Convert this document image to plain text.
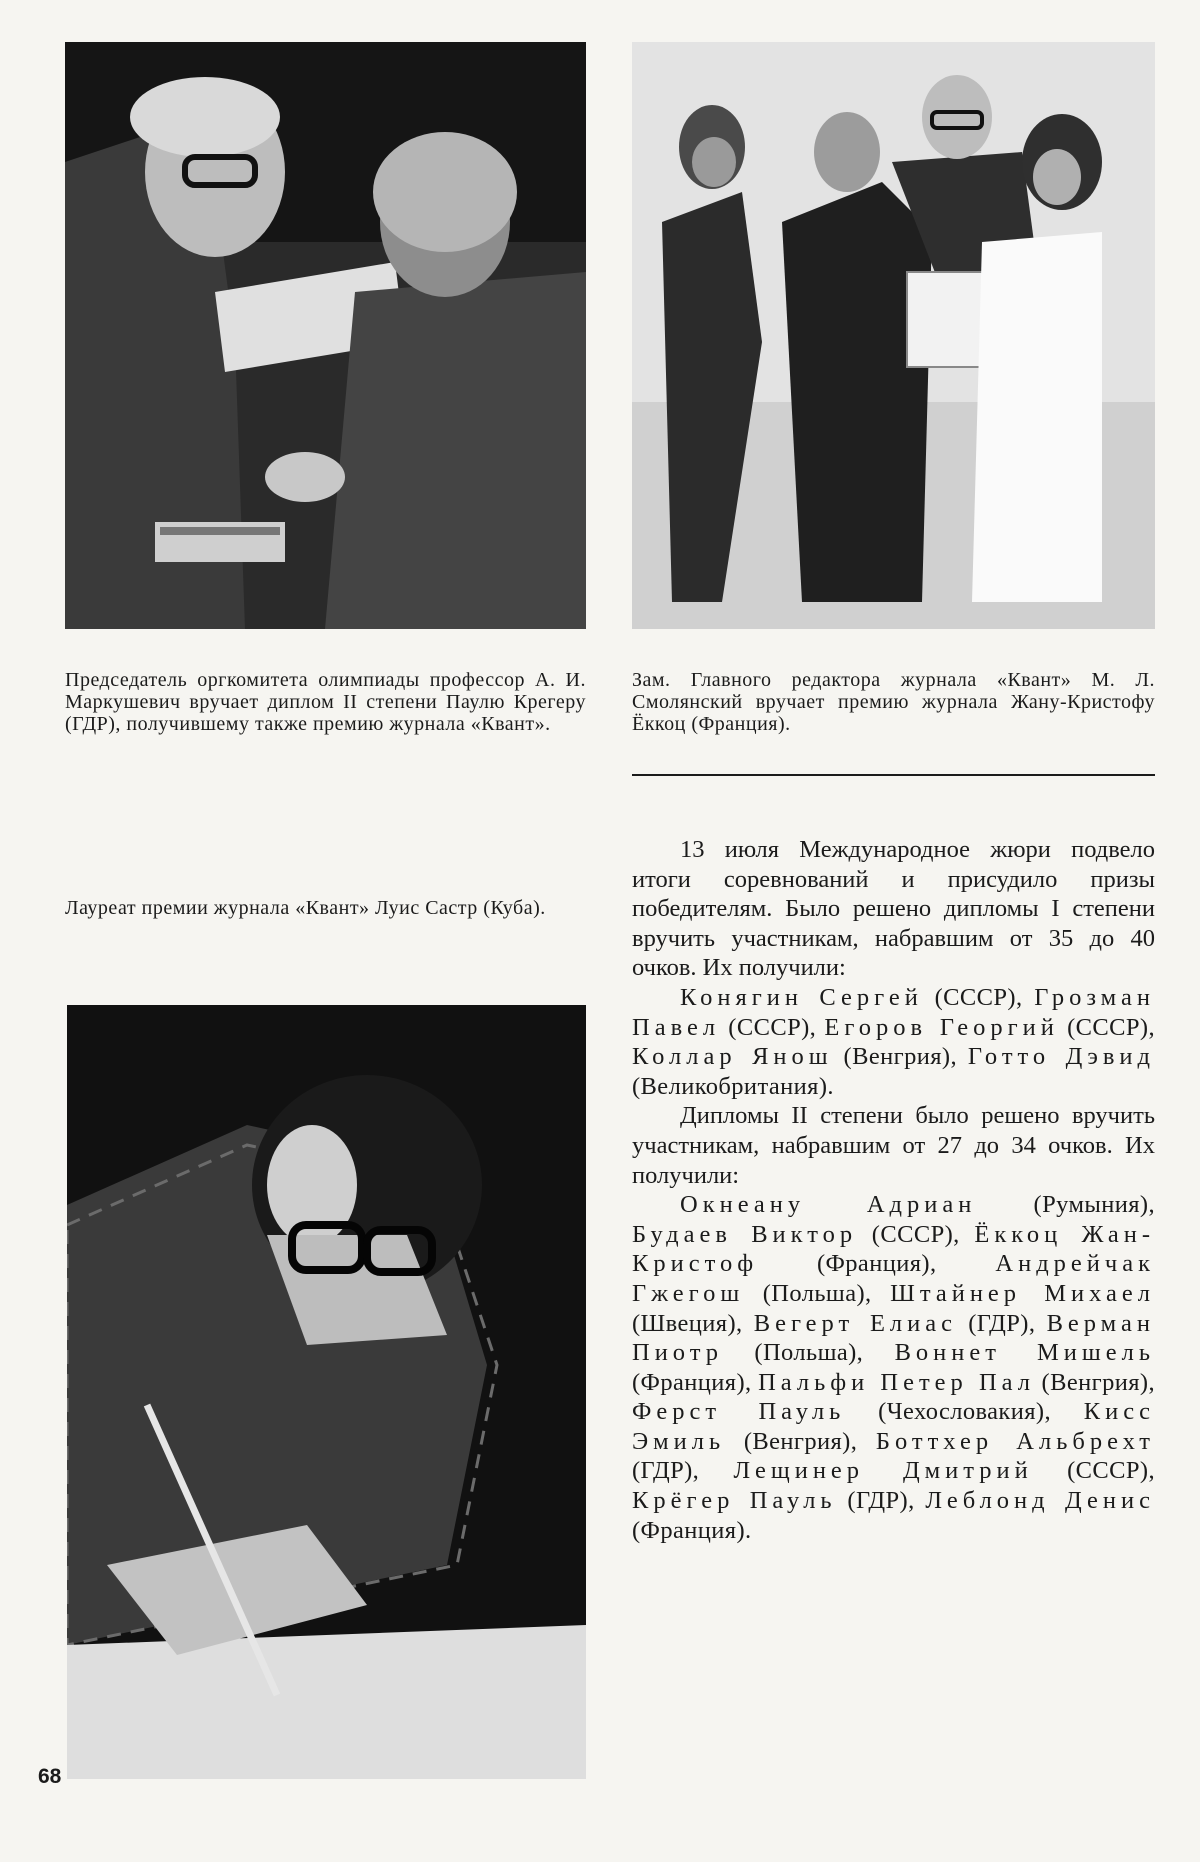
Председатель оргкомитета олимпиады профессор А. И. Маркушевич вручает диплом II степени Паулю Крегеру (ГДР), получившему также премию журнала «Квант».
Зам. Главного редактора журнала «Квант» М. Л. Смолянский вручает премию журнала Жану-Кристофу Ёккоц (Франция).
Лауреат премии журнала «Квант» Луис Састр (Куба).

13 июля Международное жюри подвело итоги соревнований и присудило призы победителям. Было решено дипломы I степени вручить участникам, набравшим от 35 до 40 очков. Их получили:

Конягин Сергей (СССР), Грозман Павел (СССР), Егоров Георгий (СССР), Коллар Янош (Венгрия), Готто Дэвид (Великобритания).

Дипломы II степени было решено вручить участникам, набравшим от 27 до 34 очков. Их получили:

Окнеану Адриан (Румыния), Будаев Виктор (СССР), Ёккоц Жан-Кристоф (Франция), Андрейчак Гжегош (Польша), Штайнер Михаел (Швеция), Вегерт Елиас (ГДР), Верман Пиотр (Польша), Воннет Мишель (Франция), Пальфи Петер Пал (Венгрия), Ферст Пауль (Чехословакия), Кисс Эмиль (Венгрия), Боттхер Альбрехт (ГДР), Лещинер Дмитрий (СССР), Крёгер Пауль (ГДР), Леблонд Денис (Франция).

68
